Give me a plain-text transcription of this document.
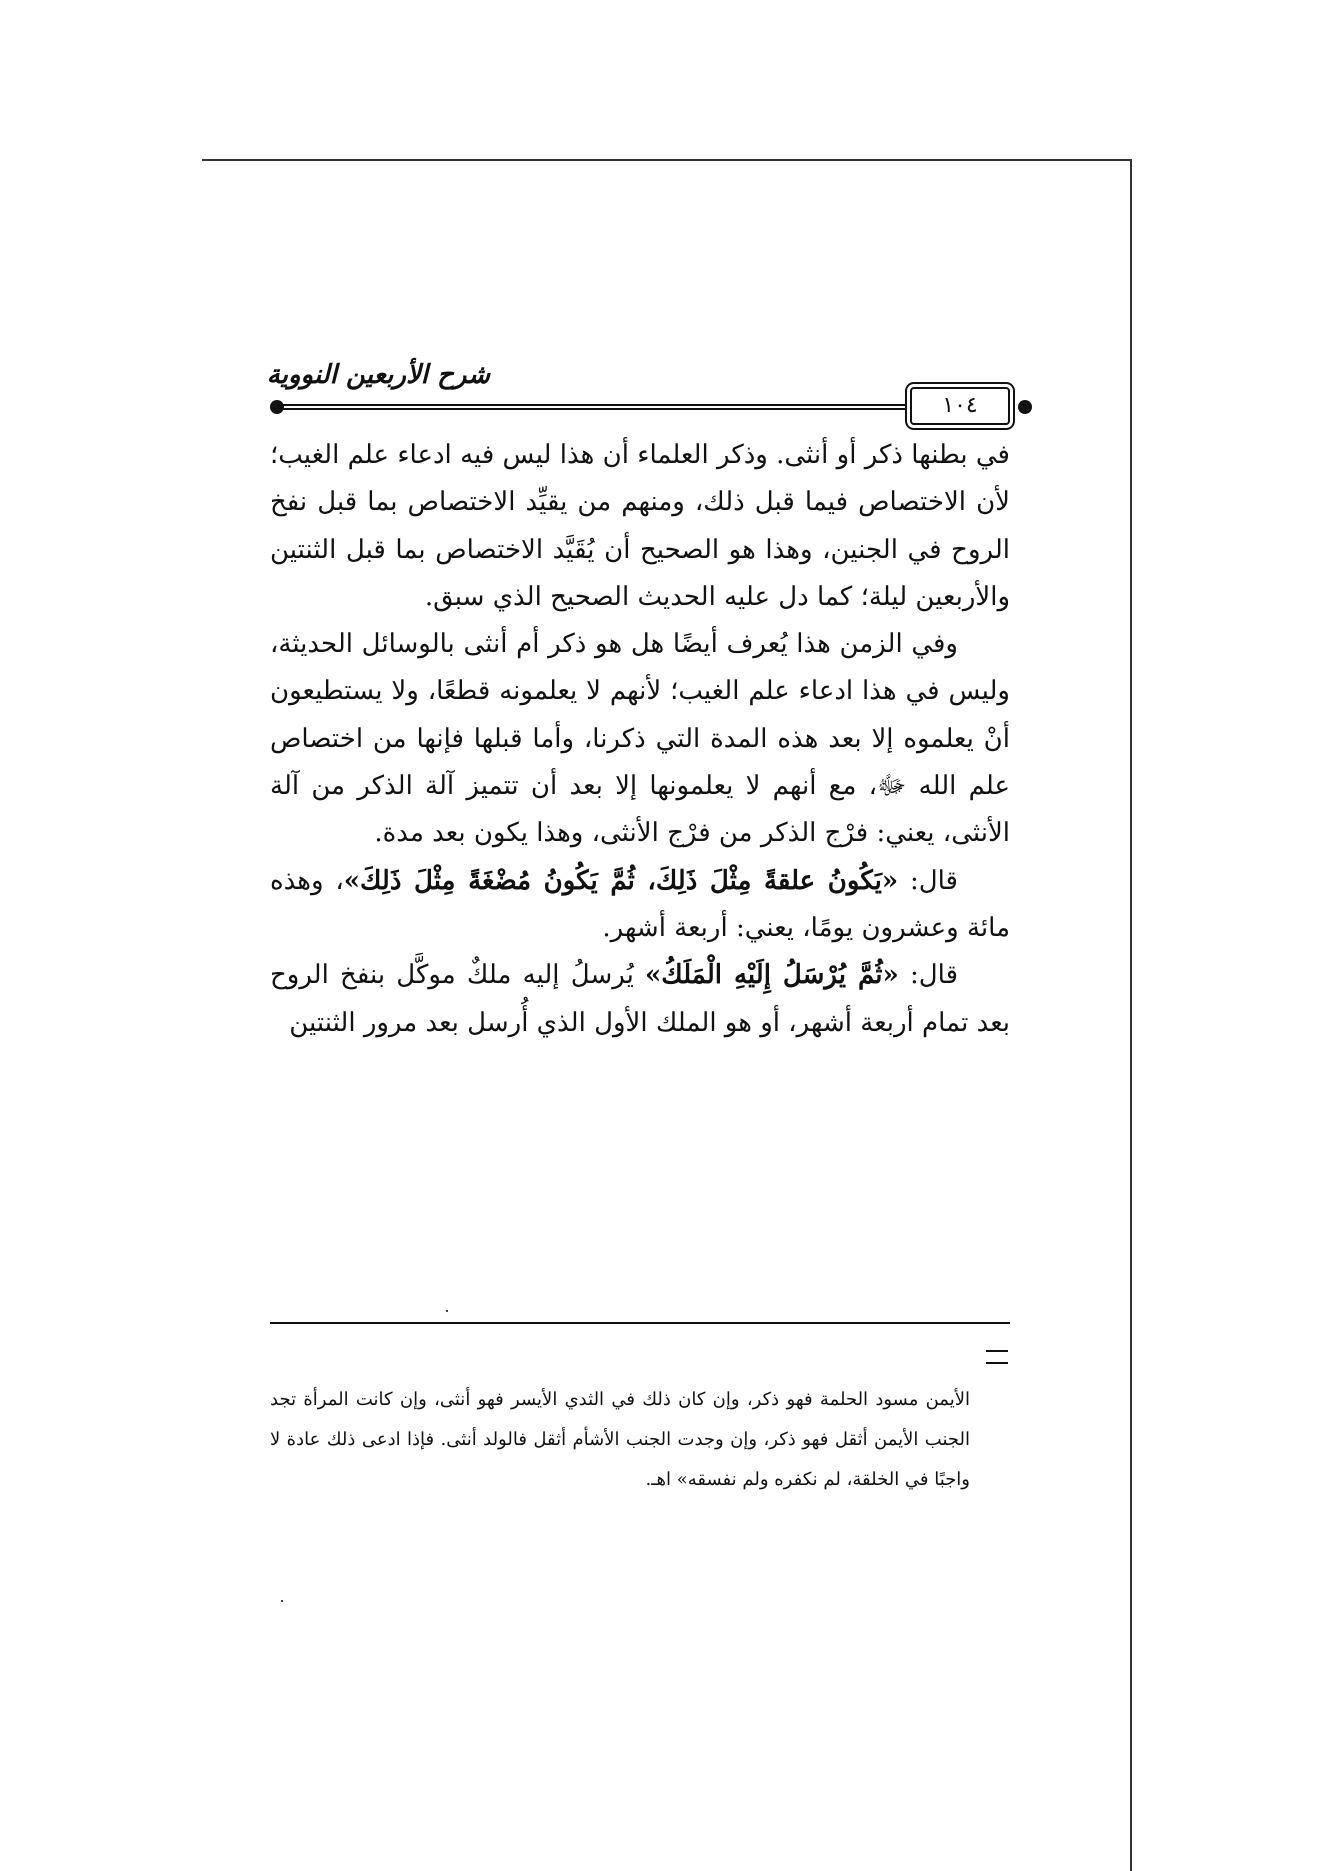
شرح الأربعين النووية
١٠٤

في بطنها ذكر أو أنثى. وذكر العلماء أن هذا ليس فيه ادعاء علم الغيب؛ لأن الاختصاص فيما قبل ذلك، ومنهم من يقيِّد الاختصاص بما قبل نفخ الروح في الجنين، وهذا هو الصحيح أن يُقَيَّد الاختصاص بما قبل الثنتين والأربعين ليلة؛ كما دل عليه الحديث الصحيح الذي سبق.

وفي الزمن هذا يُعرف أيضًا هل هو ذكر أم أنثى بالوسائل الحديثة، وليس في هذا ادعاء علم الغيب؛ لأنهم لا يعلمونه قطعًا، ولا يستطيعون أنْ يعلموه إلا بعد هذه المدة التي ذكرنا، وأما قبلها فإنها من اختصاص علم الله ﷻ، مع أنهم لا يعلمونها إلا بعد أن تتميز آلة الذكر من آلة الأنثى، يعني: فرْج الذكر من فرْج الأنثى، وهذا يكون بعد مدة.

قال: «يَكُونُ علقةً مِثْلَ ذَلِكَ، ثُمَّ يَكُونُ مُضْغَةً مِثْلَ ذَلِكَ»، وهذه مائة وعشرون يومًا، يعني: أربعة أشهر.

قال: «ثُمَّ يُرْسَلُ إِلَيْهِ الْمَلَكُ» يُرسلُ إليه ملكٌ موكَّل بنفخ الروح بعد تمام أربعة أشهر، أو هو الملك الأول الذي أُرسل بعد مرور الثنتين

الأيمن مسود الحلمة فهو ذكر، وإن كان ذلك في الثدي الأيسر فهو أنثى، وإن كانت المرأة تجد الجنب الأيمن أثقل فهو ذكر، وإن وجدت الجنب الأشأم أثقل فالولد أنثى. فإذا ادعى ذلك عادة لا واجبًا في الخلقة، لم نكفره ولم نفسقه» اهـ.
